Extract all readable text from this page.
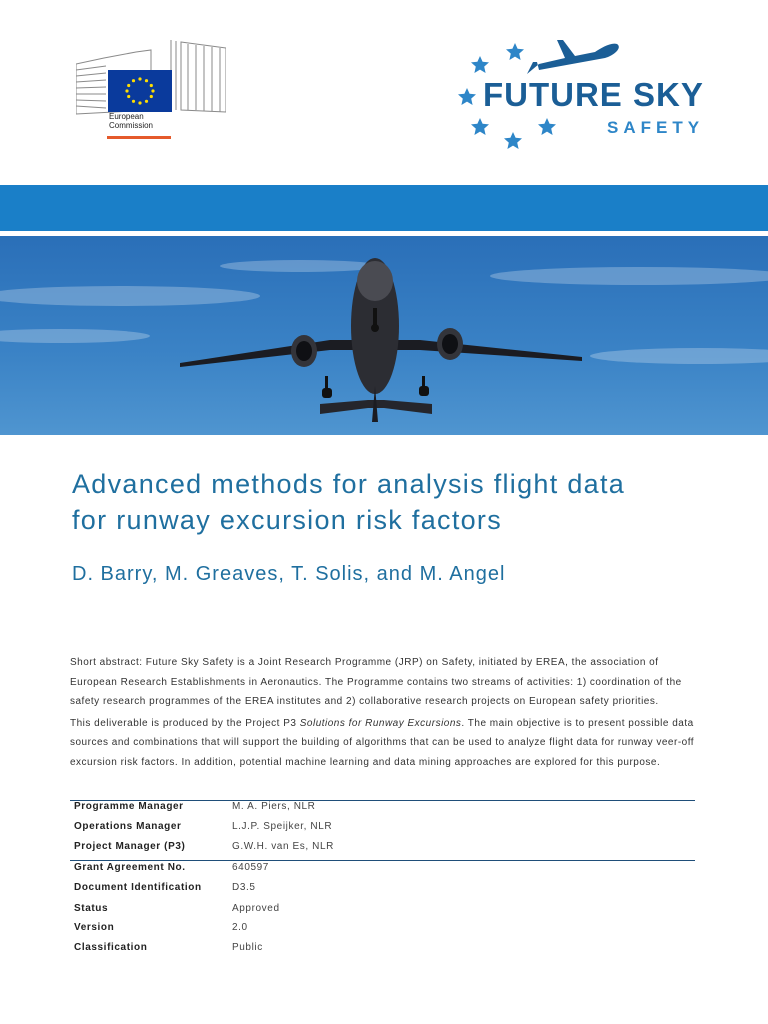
European
Commission
FUTURE SKY
SAFETY
Advanced methods for analysis flight data
for runway excursion risk factors
D. Barry, M. Greaves, T. Solis, and M. Angel

Short abstract: Future Sky Safety is a Joint Research Programme (JRP) on Safety, initiated by EREA, the association of European Research Establishments in Aeronautics. The Programme contains two streams of activities: 1) coordination of the safety research programmes of the EREA institutes and 2) collaborative research projects on European safety priorities.

This deliverable is produced by the Project P3 Solutions for Runway Excursions. The main objective is to present possible data sources and combinations that will support the building of algorithms that can be used to analyze flight data for runway veer-off excursion risk factors. In addition, potential machine learning and data mining approaches are explored for this purpose.

Programme Manager	M. A. Piers, NLR
Operations Manager	L.J.P. Speijker, NLR
Project Manager (P3)	G.W.H. van Es, NLR
Grant Agreement No.	640597
Document Identification	D3.5
Status	Approved
Version	2.0
Classification	Public
